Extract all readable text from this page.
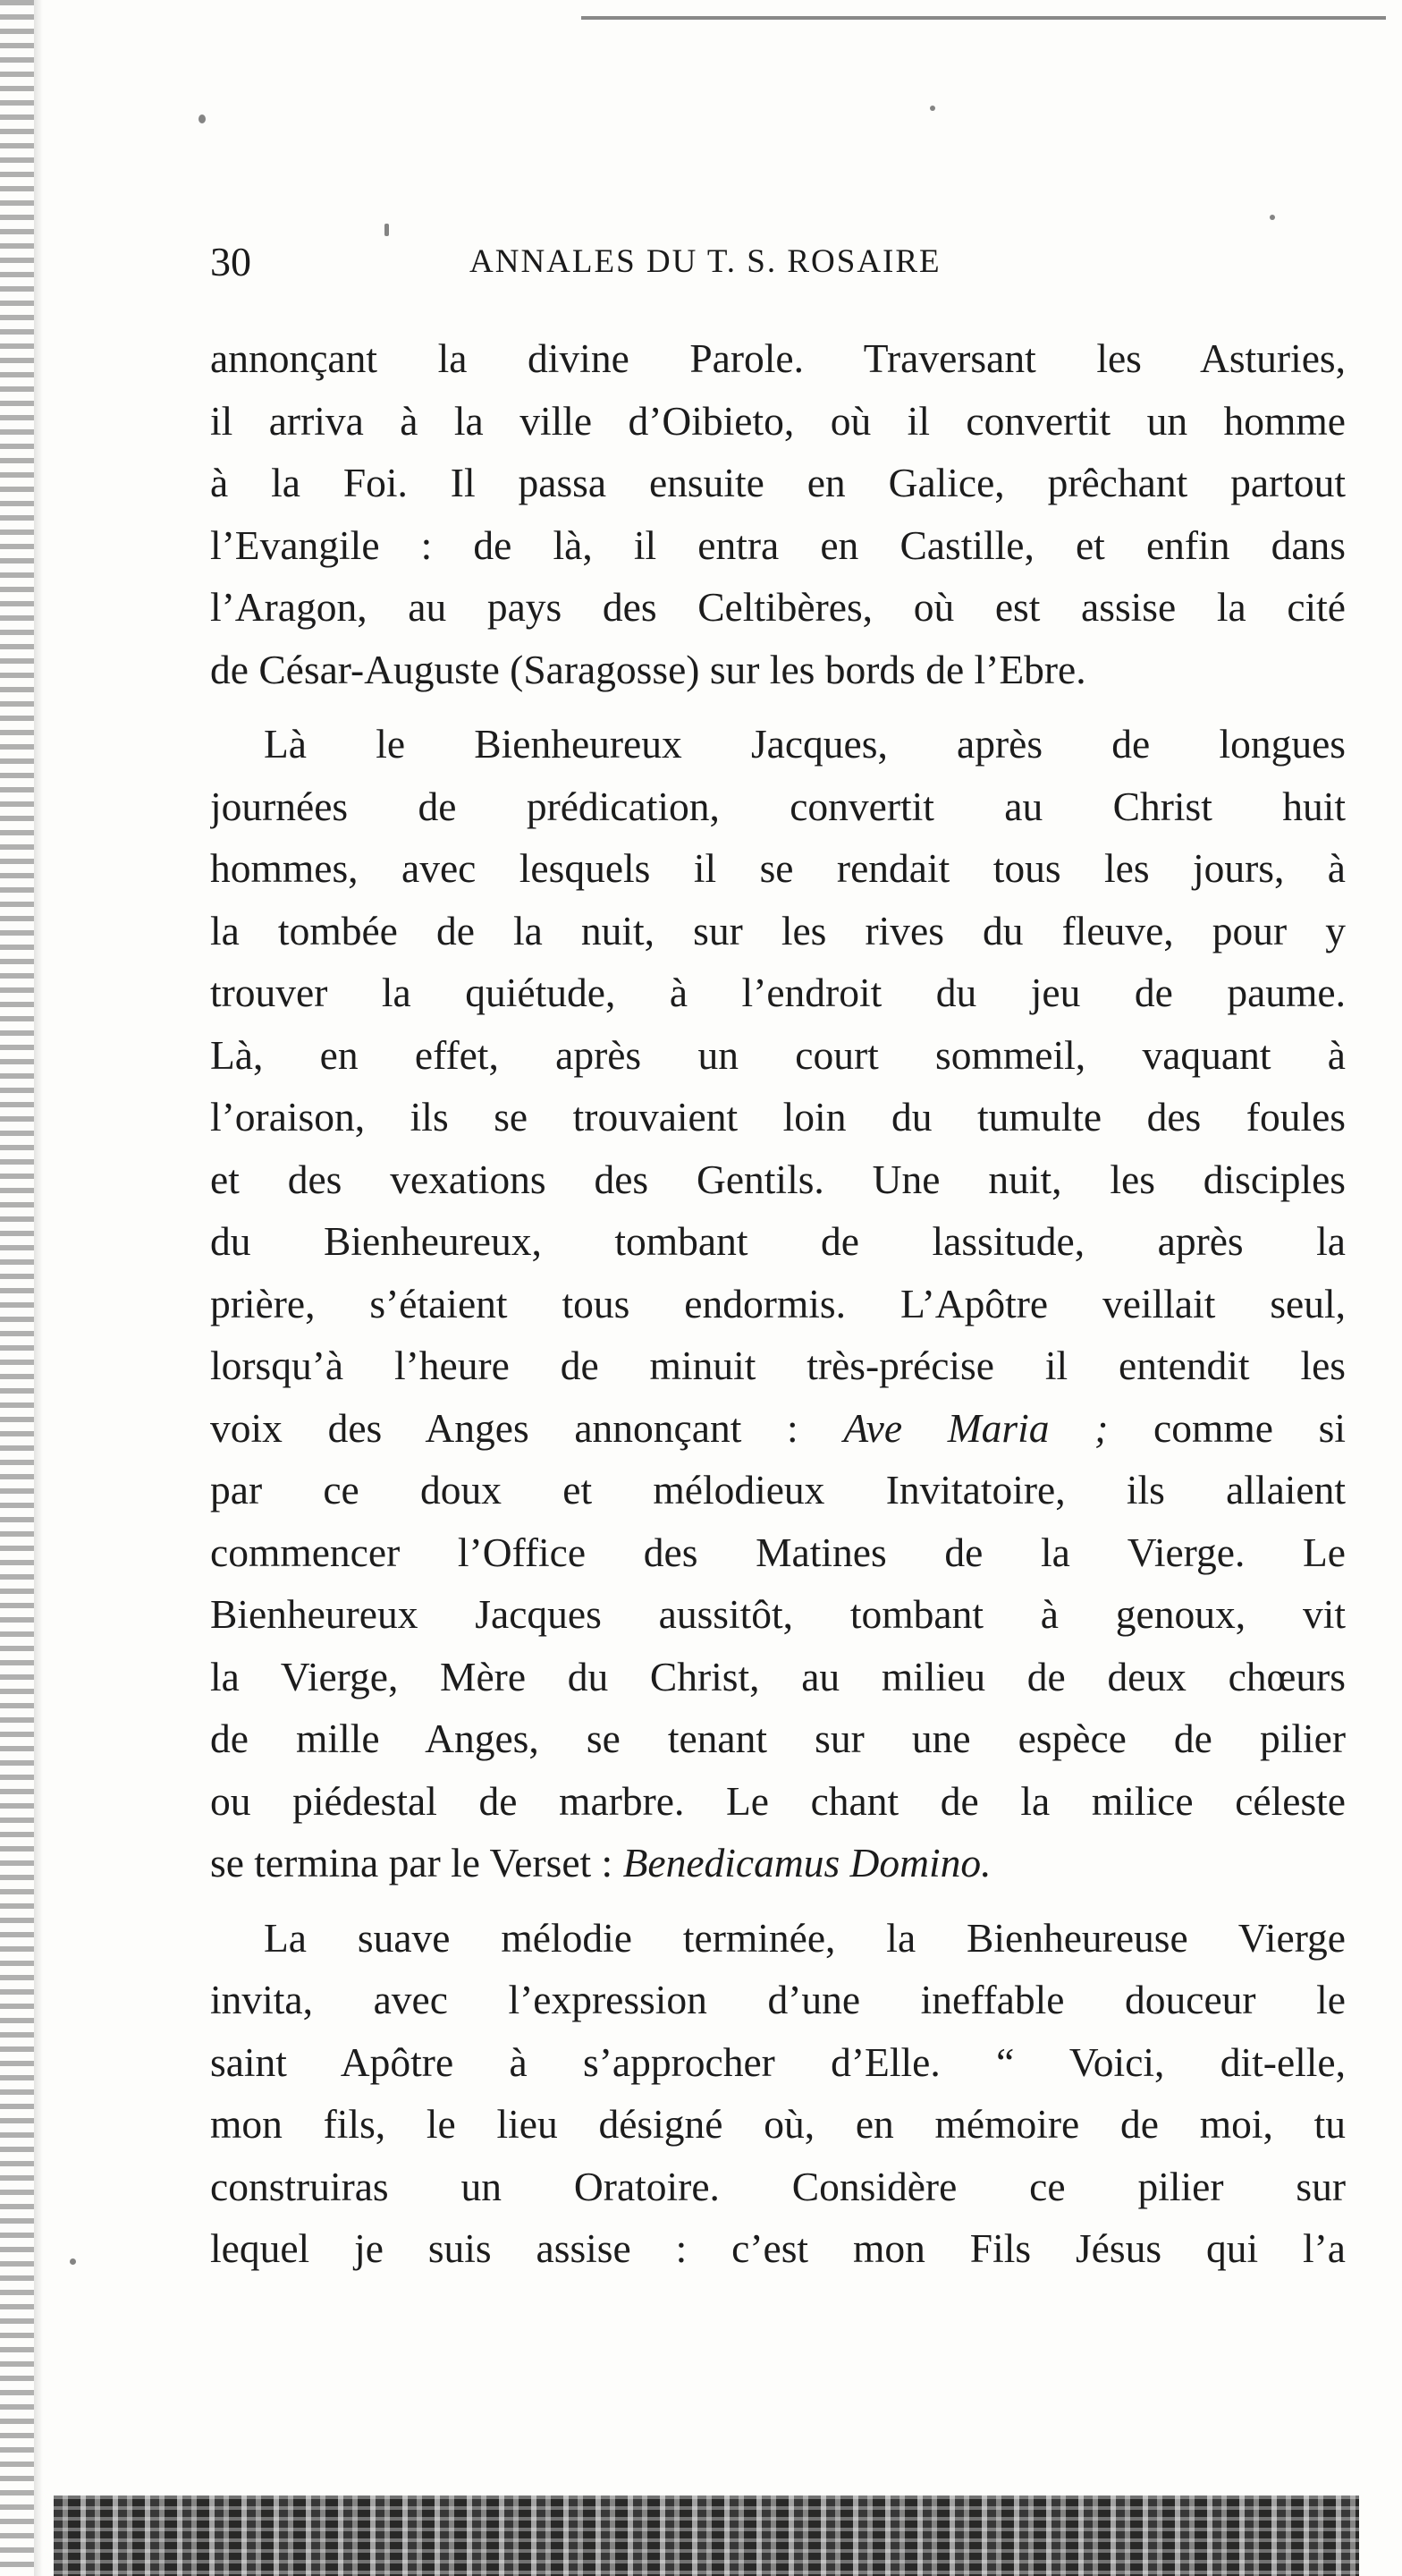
30	ANNALES DU T. S. ROSAIRE
annonçant la divine Parole. Traversant les Asturies,
il arriva à la ville d’Oibieto, où il convertit un homme
à la Foi. Il passa ensuite en Galice, prêchant partout
l’Evangile : de là, il entra en Castille, et enfin dans
l’Aragon, au pays des Celtibères, où est assise la cité
de César-Auguste (Saragosse) sur les bords de l’Ebre.
Là le Bienheureux Jacques, après de longues
journées de prédication, convertit au Christ huit
hommes, avec lesquels il se rendait tous les jours, à
la tombée de la nuit, sur les rives du fleuve, pour y
trouver la quiétude, à l’endroit du jeu de paume.
Là, en effet, après un court sommeil, vaquant à
l’oraison, ils se trouvaient loin du tumulte des foules
et des vexations des Gentils. Une nuit, les disciples
du Bienheureux, tombant de lassitude, après la
prière, s’étaient tous endormis. L’Apôtre veillait seul,
lorsqu’à l’heure de minuit très-précise il entendit les
voix des Anges annonçant : Ave Maria ; comme si
par ce doux et mélodieux Invitatoire, ils allaient
commencer l’Office des Matines de la Vierge. Le
Bienheureux Jacques aussitôt, tombant à genoux, vit
la Vierge, Mère du Christ, au milieu de deux chœurs
de mille Anges, se tenant sur une espèce de pilier
ou piédestal de marbre. Le chant de la milice céleste
se termina par le Verset : Benedicamus Domino.
La suave mélodie terminée, la Bienheureuse Vierge
invita, avec l’expression d’une ineffable douceur le
saint Apôtre à s’approcher d’Elle. “ Voici, dit-elle,
mon fils, le lieu désigné où, en mémoire de moi, tu
construiras un Oratoire. Considère ce pilier sur
lequel je suis assise : c’est mon Fils Jésus qui l’a
